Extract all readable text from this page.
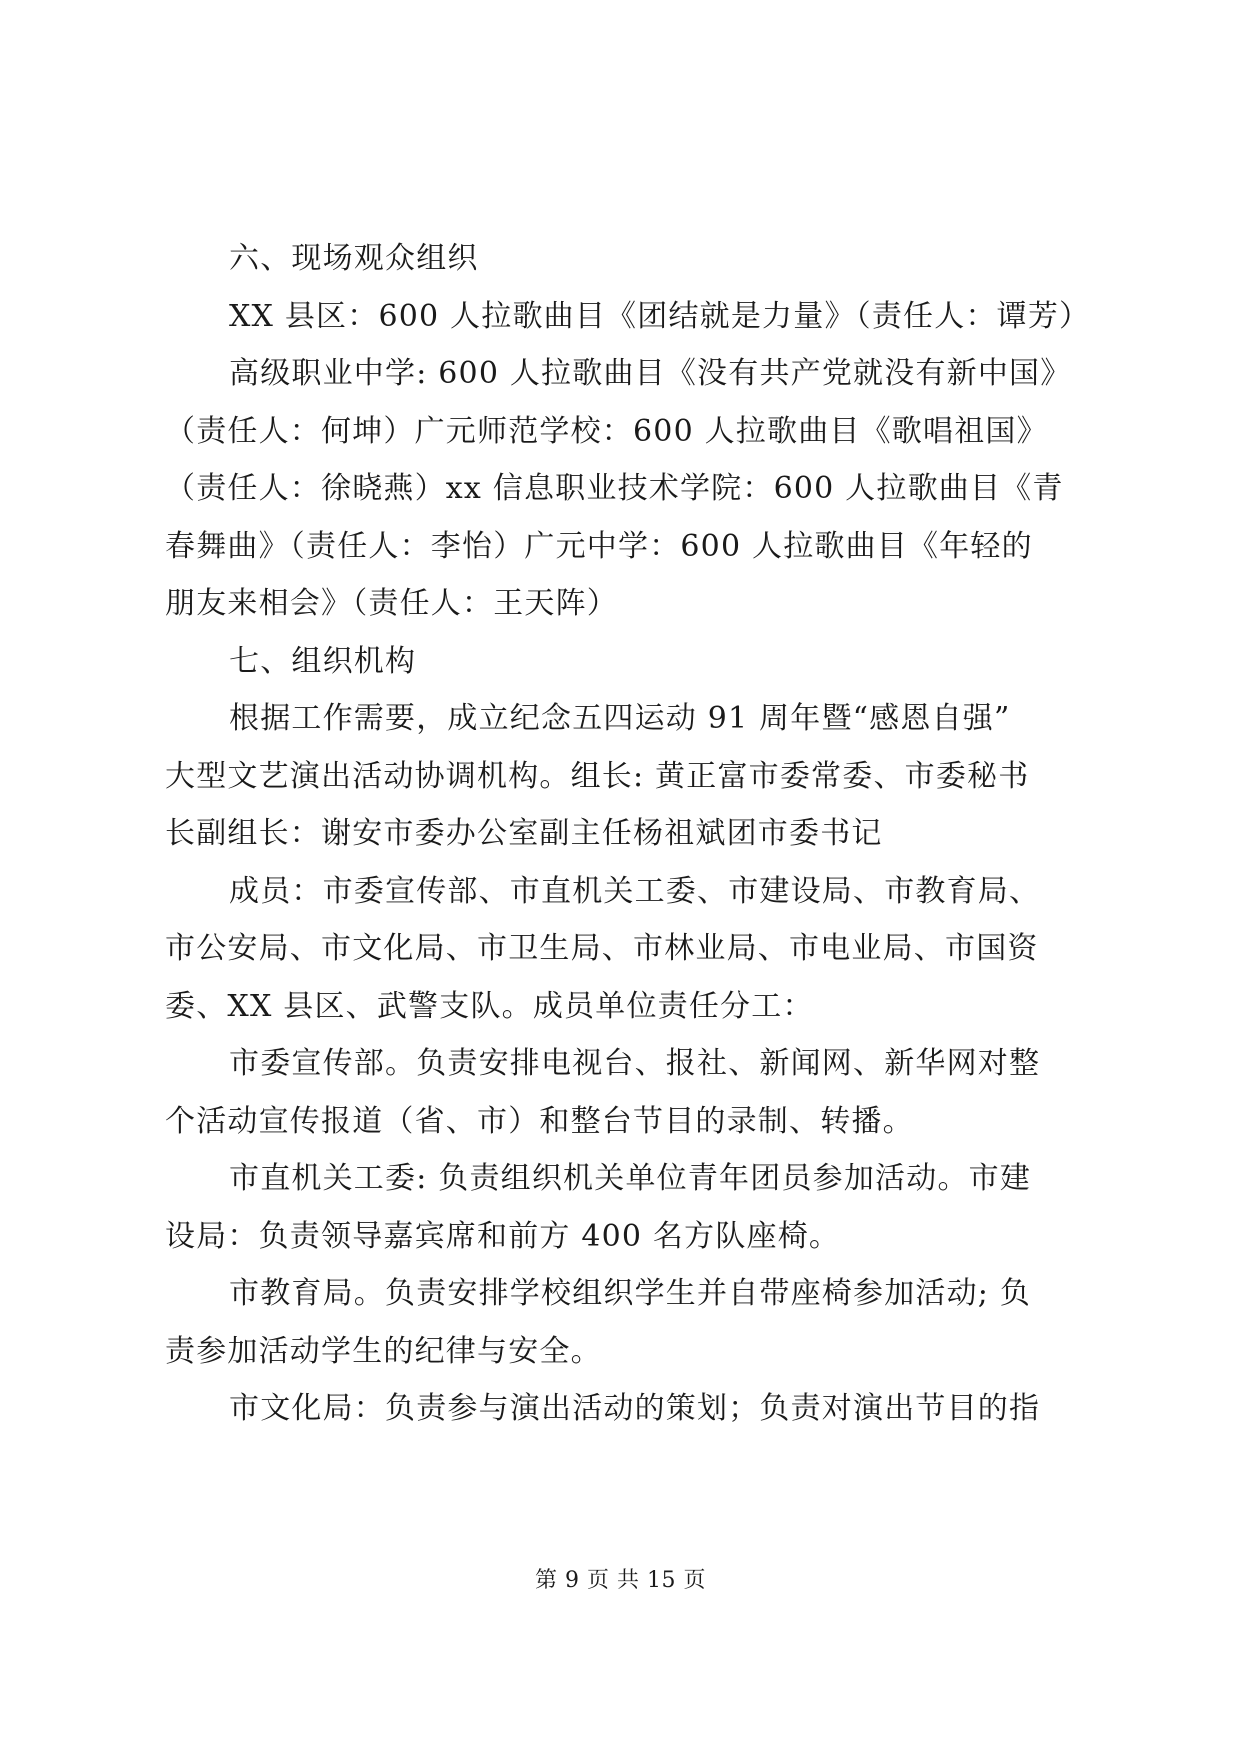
六、现场观众组织
XX 县区：600 人拉歌曲目《团结就是力量》（责任人：谭芳）
高级职业中学: 600 人拉歌曲目《没有共产党就没有新中国》
（责任人：何坤）广元师范学校：600 人拉歌曲目《歌唱祖国》
（责任人：徐晓燕）xx 信息职业技术学院：600 人拉歌曲目《青
春舞曲》（责任人：李怡）广元中学：600 人拉歌曲目《年轻的
朋友来相会》（责任人：王天阵）
七、组织机构
根据工作需要，成立纪念五四运动 91 周年暨“感恩自强”
大型文艺演出活动协调机构。组长: 黄正富市委常委、市委秘书
长副组长：谢安市委办公室副主任杨祖斌团市委书记
成员：市委宣传部、市直机关工委、市建设局、市教育局、
市公安局、市文化局、市卫生局、市林业局、市电业局、市国资
委、XX 县区、武警支队。成员单位责任分工：
市委宣传部。负责安排电视台、报社、新闻网、新华网对整
个活动宣传报道（省、市）和整台节目的录制、转播。
市直机关工委: 负责组织机关单位青年团员参加活动。市建
设局：负责领导嘉宾席和前方 400 名方队座椅。
市教育局。负责安排学校组织学生并自带座椅参加活动; 负
责参加活动学生的纪律与安全。
市文化局：负责参与演出活动的策划；负责对演出节目的指
第 9 页 共 15 页
